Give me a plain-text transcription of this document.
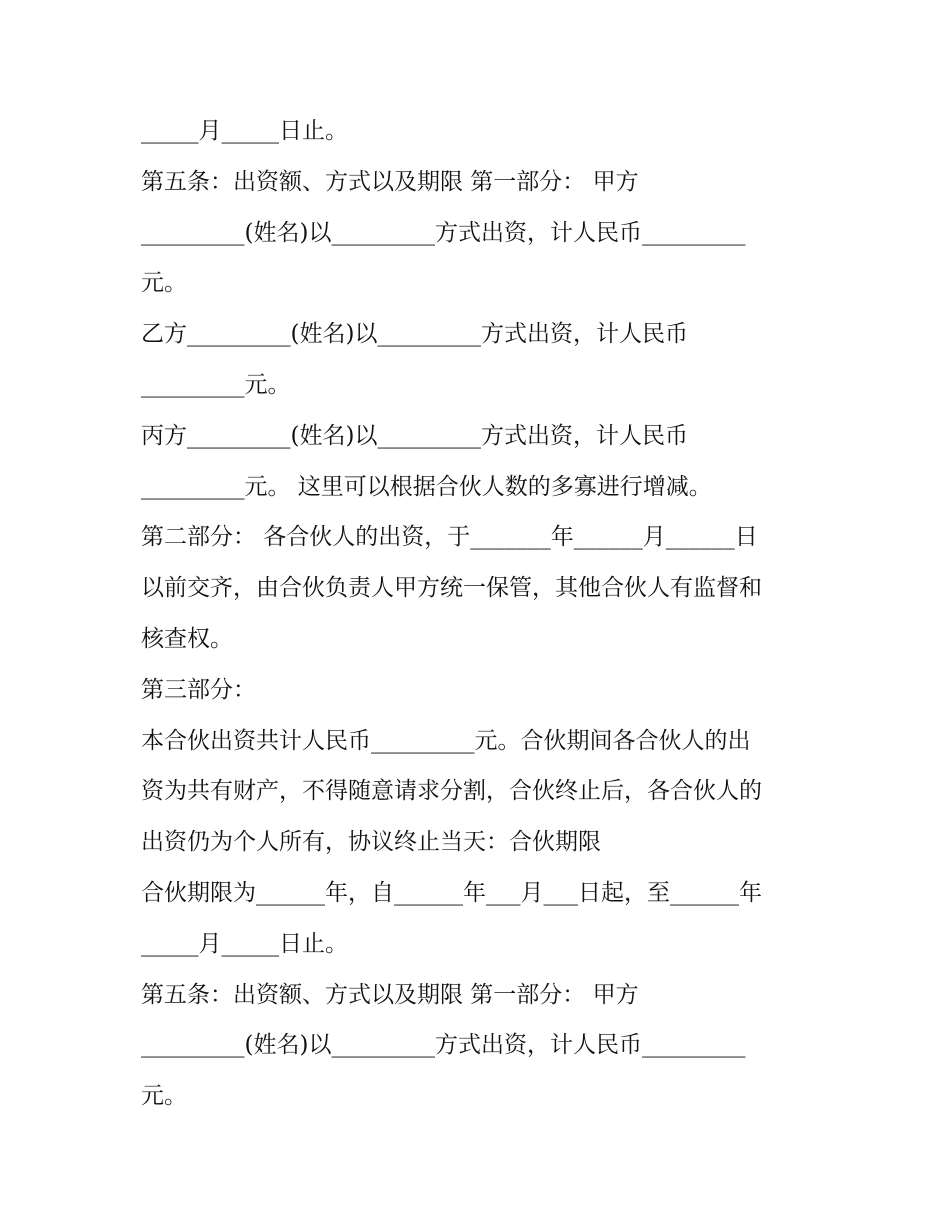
_____月_____日止。
第五条：出资额、方式以及期限 第一部分： 甲方
_________(姓名)以_________方式出资，计人民币_________
元。
乙方_________(姓名)以_________方式出资，计人民币
_________元。
丙方_________(姓名)以_________方式出资，计人民币
_________元。 这里可以根据合伙人数的多寡进行增减。
第二部分： 各合伙人的出资，于_______年______月______日
以前交齐，由合伙负责人甲方统一保管，其他合伙人有监督和
核查权。
第三部分：
本合伙出资共计人民币_________元。合伙期间各合伙人的出
资为共有财产，不得随意请求分割，合伙终止后，各合伙人的
出资仍为个人所有，协议终止当天：合伙期限
合伙期限为______年，自______年___月___日起，至______年
_____月_____日止。
第五条：出资额、方式以及期限 第一部分： 甲方
_________(姓名)以_________方式出资，计人民币_________
元。
